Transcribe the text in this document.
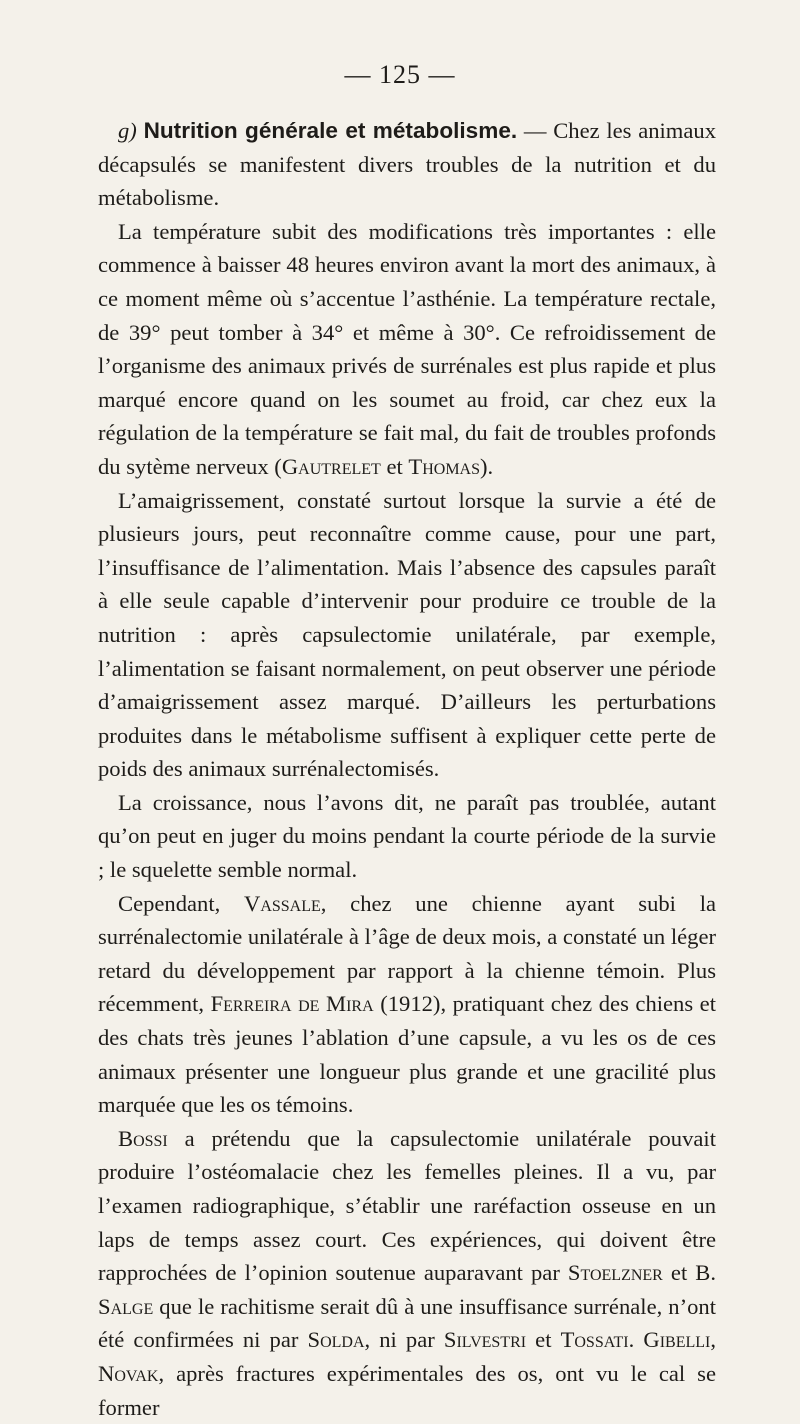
— 125 —

g) Nutrition générale et métabolisme. — Chez les animaux décapsulés se manifestent divers troubles de la nutrition et du métabolisme.

La température subit des modifications très importantes : elle commence à baisser 48 heures environ avant la mort des animaux, à ce moment même où s’accentue l’asthénie. La température rectale, de 39° peut tomber à 34° et même à 30°. Ce refroidissement de l’organisme des animaux privés de surrénales est plus rapide et plus marqué encore quand on les soumet au froid, car chez eux la régulation de la température se fait mal, du fait de troubles profonds du sytème nerveux (Gautrelet et Thomas).

L’amaigrissement, constaté surtout lorsque la survie a été de plusieurs jours, peut reconnaître comme cause, pour une part, l’insuffisance de l’alimentation. Mais l’absence des capsules paraît à elle seule capable d’intervenir pour produire ce trouble de la nutrition : après capsulectomie unilatérale, par exemple, l’alimentation se faisant normalement, on peut observer une période d’amaigrissement assez marqué. D’ailleurs les perturbations produites dans le métabolisme suffisent à expliquer cette perte de poids des animaux surrénalectomisés.

La croissance, nous l’avons dit, ne paraît pas troublée, autant qu’on peut en juger du moins pendant la courte période de la survie ; le squelette semble normal.

Cependant, Vassale, chez une chienne ayant subi la surrénalectomie unilatérale à l’âge de deux mois, a constaté un léger retard du développement par rapport à la chienne témoin. Plus récemment, Ferreira de Mira (1912), pratiquant chez des chiens et des chats très jeunes l’ablation d’une capsule, a vu les os de ces animaux présenter une longueur plus grande et une gracilité plus marquée que les os témoins.

Bossi a prétendu que la capsulectomie unilatérale pouvait produire l’ostéomalacie chez les femelles pleines. Il a vu, par l’examen radiographique, s’établir une raréfaction osseuse en un laps de temps assez court. Ces expériences, qui doivent être rapprochées de l’opinion soutenue auparavant par Stoelzner et B. Salge que le rachitisme serait dû à une insuffisance surrénale, n’ont été confirmées ni par Solda, ni par Silvestri et Tossati. Gibelli, Novak, après fractures expérimentales des os, ont vu le cal se former
